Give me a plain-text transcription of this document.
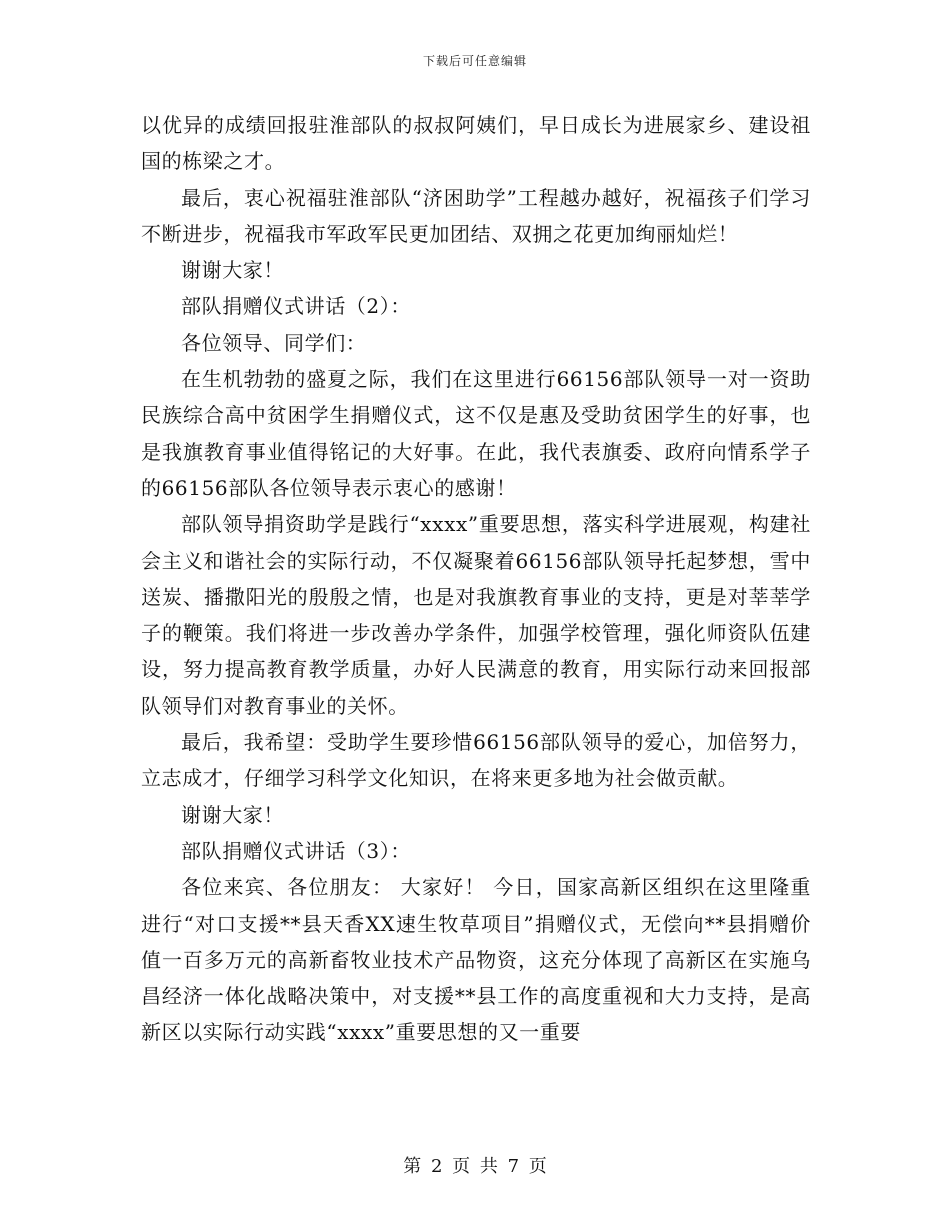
下载后可任意编辑

以优异的成绩回报驻淮部队的叔叔阿姨们，早日成长为进展家乡、建设祖国的栋梁之才。

最后，衷心祝福驻淮部队“济困助学”工程越办越好，祝福孩子们学习不断进步，祝福我市军政军民更加团结、双拥之花更加绚丽灿烂！

谢谢大家！

部队捐赠仪式讲话（2）：

各位领导、同学们：

在生机勃勃的盛夏之际，我们在这里进行66156部队领导一对一资助民族综合高中贫困学生捐赠仪式，这不仅是惠及受助贫困学生的好事，也是我旗教育事业值得铭记的大好事。在此，我代表旗委、政府向情系学子的66156部队各位领导表示衷心的感谢！

部队领导捐资助学是践行“xxxx”重要思想，落实科学进展观，构建社会主义和谐社会的实际行动，不仅凝聚着66156部队领导托起梦想，雪中送炭、播撒阳光的殷殷之情，也是对我旗教育事业的支持，更是对莘莘学子的鞭策。我们将进一步改善办学条件，加强学校管理，强化师资队伍建设，努力提高教育教学质量，办好人民满意的教育，用实际行动来回报部队领导们对教育事业的关怀。

最后，我希望：受助学生要珍惜66156部队领导的爱心，加倍努力，立志成才，仔细学习科学文化知识，在将来更多地为社会做贡献。

谢谢大家！

部队捐赠仪式讲话（3）：

各位来宾、各位朋友： 大家好！ 今日，国家高新区组织在这里隆重进行“对口支援**县天香XX速生牧草项目”捐赠仪式，无偿向**县捐赠价值一百多万元的高新畜牧业技术产品物资，这充分体现了高新区在实施乌昌经济一体化战略决策中，对支援**县工作的高度重视和大力支持，是高新区以实际行动实践“xxxx”重要思想的又一重要

第 2 页 共 7 页
